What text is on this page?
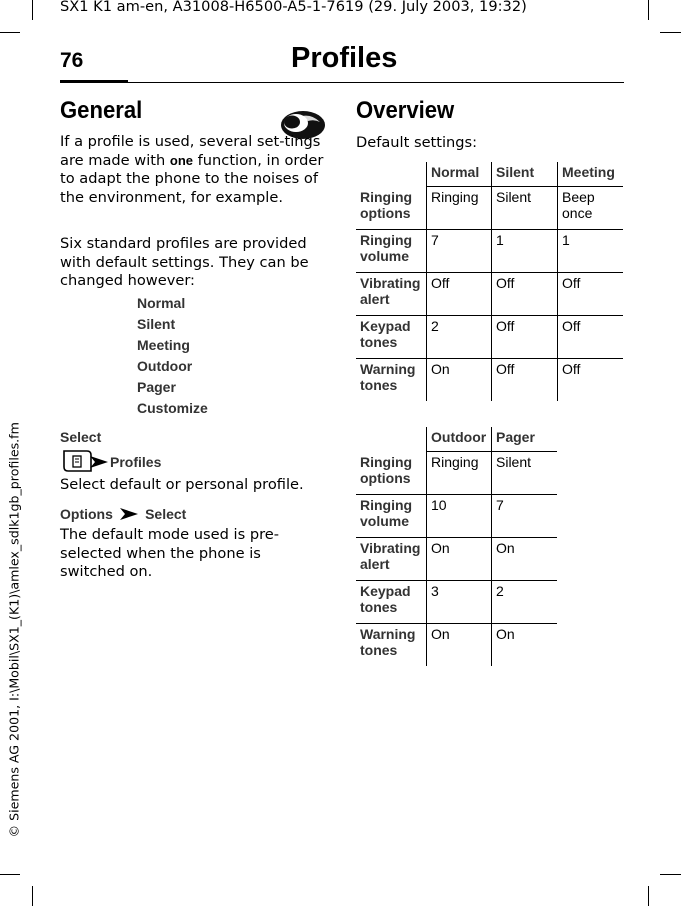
SX1 K1 am-en, A31008-H6500-A5-1-7619 (29. July 2003, 19:32)
© Siemens AG 2001, I:\Mobil\SX1_(K1)\amlex_sdlk1gb_profiles.fm
76	Profiles
General
If a profile is used, several set-tings are made with one function, in order to adapt the phone to the noises of the environment, for example.
Six standard profiles are provided with default settings. They can be changed however:
Normal
Silent
Meeting
Outdoor
Pager
Customize
Select
Profiles
Select default or personal profile.
Options Select
The default mode used is pre-selected when the phone is switched on.
Overview
Default settings:
	Normal	Silent	Meeting
Ringing options	Ringing	Silent	Beep once
Ringing volume	7	1	1
Vibrating alert	Off	Off	Off
Keypad tones	2	Off	Off
Warning tones	On	Off	Off
	Outdoor	Pager
Ringing options	Ringing	Silent
Ringing volume	10	7
Vibrating alert	On	On
Keypad tones	3	2
Warning tones	On	On
